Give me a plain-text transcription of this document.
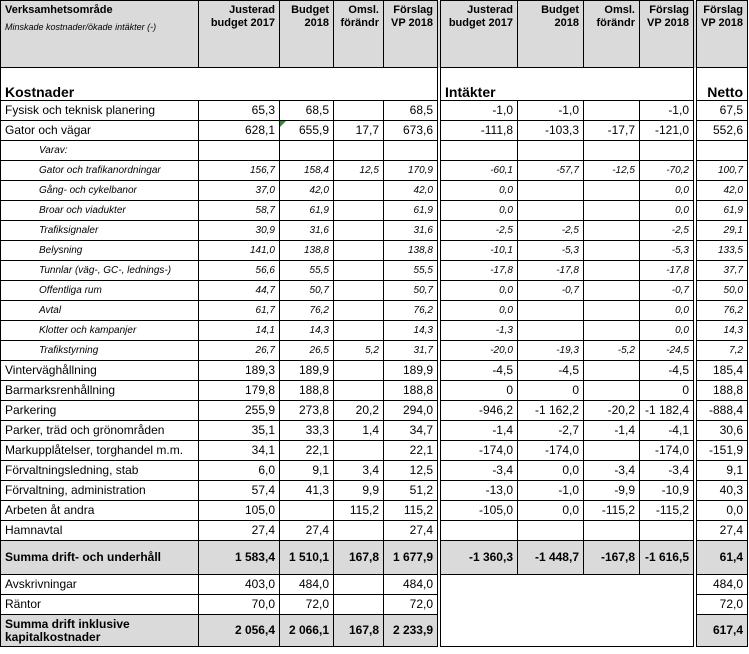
Verksamhetsområde
Minskade kostnader/ökade intäkter (-)	Justerad budget 2017	Budget 2018	Omsl. förändr	Förslag VP 2018		Justerad budget 2017	Budget 2018	Omsl. förändr	Förslag VP 2018		Förslag VP 2018
Kostnader						Intäkter					Netto
Fysisk och teknisk planering	65,3	68,5		68,5		-1,0	-1,0		-1,0		67,5
Gator och vägar	628,1	655,9	17,7	673,6		-111,8	-103,3	-17,7	-121,0		552,6
Varav:											
Gator och trafikanordningar	156,7	158,4	12,5	170,9		-60,1	-57,7	-12,5	-70,2		100,7
Gång- och cykelbanor	37,0	42,0		42,0		0,0			0,0		42,0
Broar och viadukter	58,7	61,9		61,9		0,0			0,0		61,9
Trafiksignaler	30,9	31,6		31,6		-2,5	-2,5		-2,5		29,1
Belysning	141,0	138,8		138,8		-10,1	-5,3		-5,3		133,5
Tunnlar (väg-, GC-, lednings-)	56,6	55,5		55,5		-17,8	-17,8		-17,8		37,7
Offentliga rum	44,7	50,7		50,7		0,0	-0,7		-0,7		50,0
Avtal	61,7	76,2		76,2		0,0			0,0		76,2
Klotter och kampanjer	14,1	14,3		14,3		-1,3			0,0		14,3
Trafikstyrning	26,7	26,5	5,2	31,7		-20,0	-19,3	-5,2	-24,5		7,2
Vinterväghållning	189,3	189,9		189,9		-4,5	-4,5		-4,5		185,4
Barmarksrenhållning	179,8	188,8		188,8		0	0		0		188,8
Parkering	255,9	273,8	20,2	294,0		-946,2	-1 162,2	-20,2	-1 182,4		-888,4
Parker, träd och grönområden	35,1	33,3	1,4	34,7		-1,4	-2,7	-1,4	-4,1		30,6
Markupplåtelser, torghandel m.m.	34,1	22,1		22,1		-174,0	-174,0		-174,0		-151,9
Förvaltningsledning, stab	6,0	9,1	3,4	12,5		-3,4	0,0	-3,4	-3,4		9,1
Förvaltning, administration	57,4	41,3	9,9	51,2		-13,0	-1,0	-9,9	-10,9		40,3
Arbeten åt andra	105,0		115,2	115,2		-105,0	0,0	-115,2	-115,2		0,0
Hamnavtal	27,4	27,4		27,4							27,4
Summa drift- och underhåll	1 583,4	1 510,1	167,8	1 677,9		-1 360,3	-1 448,7	-167,8	-1 616,5		61,4
Avskrivningar	403,0	484,0		484,0							484,0
Räntor	70,0	72,0		72,0							72,0
Summa drift inklusive kapitalkostnader	2 056,4	2 066,1	167,8	2 233,9							617,4
